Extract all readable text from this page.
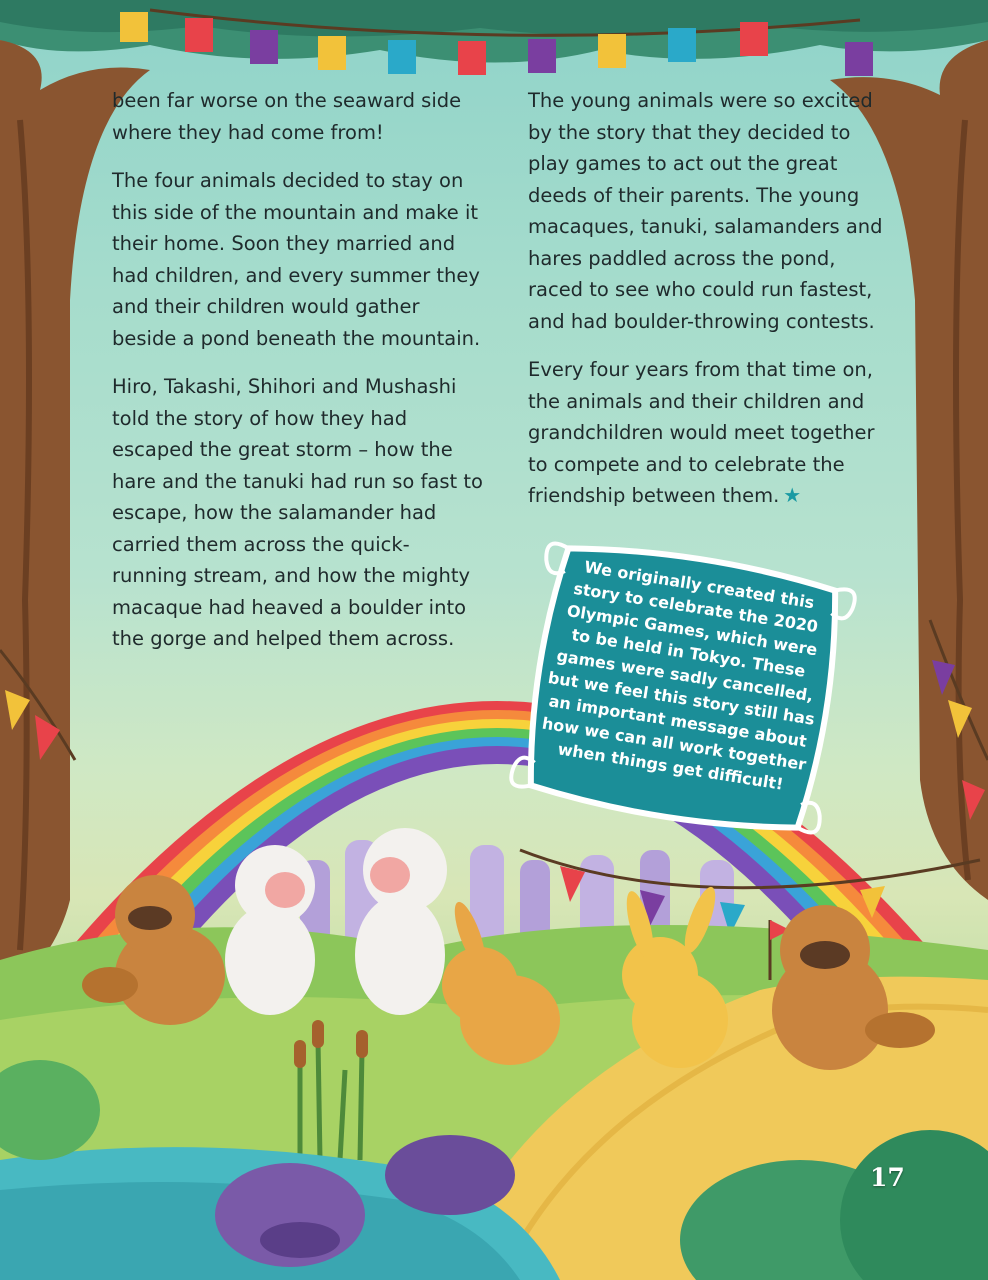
been far worse on the seaward side where they had come from!

The four animals decided to stay on this side of the mountain and make it their home. Soon they married and had children, and every summer they and their children would gather beside a pond beneath the mountain.

Hiro, Takashi, Shihori and Mushashi told the story of how they had escaped the great storm – how the hare and the tanuki had run so fast to escape, how the salamander had carried them across the quick-running stream, and how the mighty macaque had heaved a boulder into the gorge and helped them across.

The young animals were so excited by the story that they decided to play games to act out the great deeds of their parents. The young macaques, tanuki, salamanders and hares paddled across the pond, raced to see who could run fastest, and had boulder-throwing contests.

Every four years from that time on, the animals and their children and grandchildren would meet together to compete and to celebrate the friendship between them. ★

We originally created this story to celebrate the 2020 Olympic Games, which were to be held in Tokyo. These games were sadly cancelled, but we feel this story still has an important message about how we can all work together when things get difficult!
17
